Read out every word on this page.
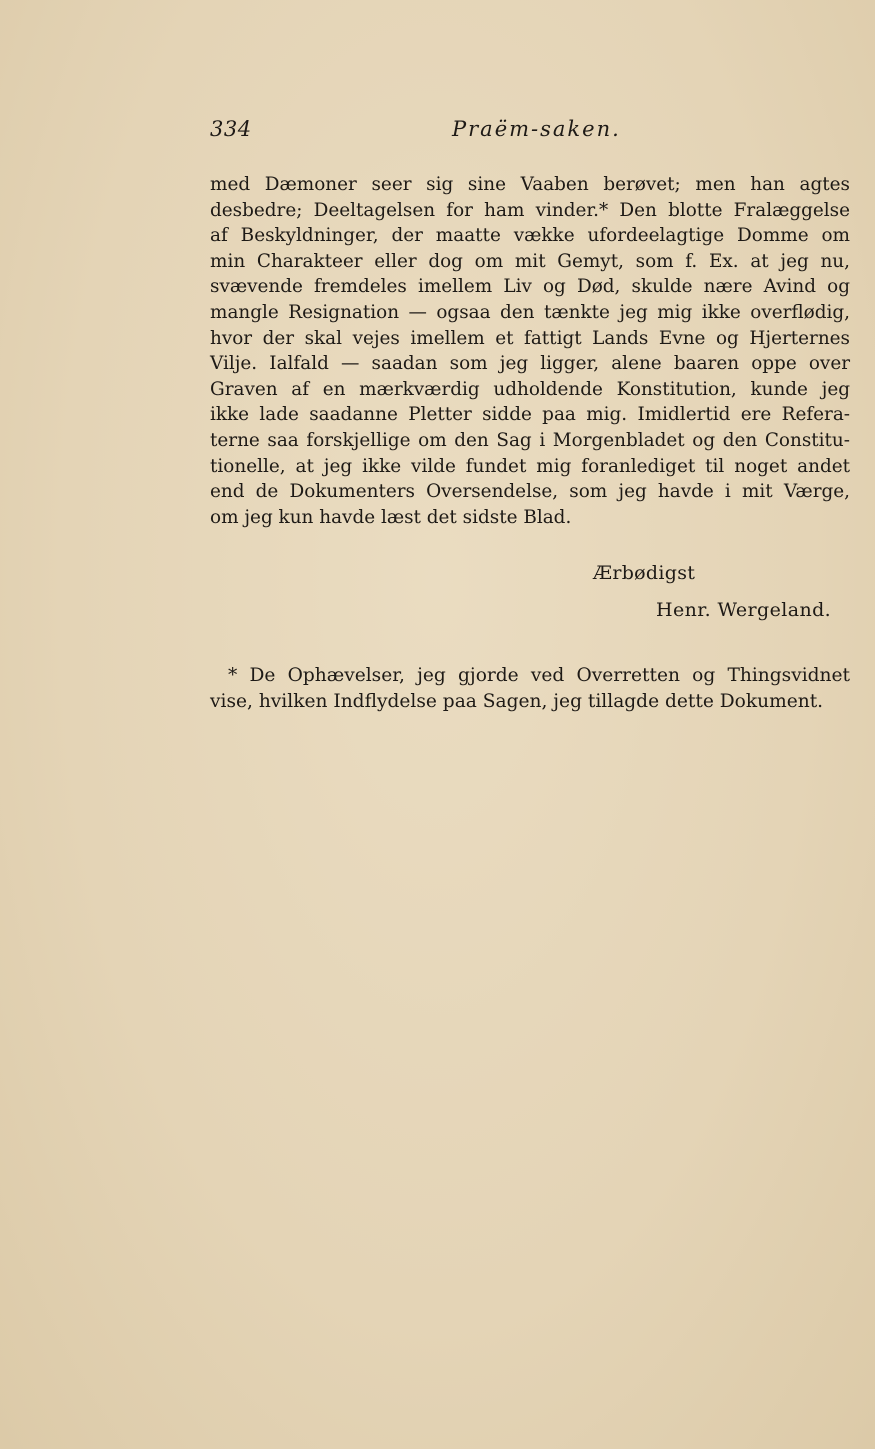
334	Praëm-saken.
med Dæmoner seer sig sine Vaaben berøvet; men han agtes
desbedre; Deeltagelsen for ham vinder.* Den blotte Fralæggelse
af Beskyldninger, der maatte vække ufordeelagtige Domme om
min Charakteer eller dog om mit Gemyt, som f. Ex. at jeg nu,
svævende fremdeles imellem Liv og Død, skulde nære Avind og
mangle Resignation — ogsaa den tænkte jeg mig ikke overflødig,
hvor der skal vejes imellem et fattigt Lands Evne og Hjerternes
Vilje. Ialfald — saadan som jeg ligger, alene baaren oppe over
Graven af en mærkværdig udholdende Konstitution, kunde jeg
ikke lade saadanne Pletter sidde paa mig. Imidlertid ere Refera-
terne saa forskjellige om den Sag i Morgenbladet og den Constitu-
tionelle, at jeg ikke vilde fundet mig foranlediget til noget andet
end de Dokumenters Oversendelse, som jeg havde i mit Værge,
om jeg kun havde læst det sidste Blad.
Ærbødigst
Henr. Wergeland.
* De Ophævelser, jeg gjorde ved Overretten og Thingsvidnet
vise, hvilken Indflydelse paa Sagen, jeg tillagde dette Dokument.
